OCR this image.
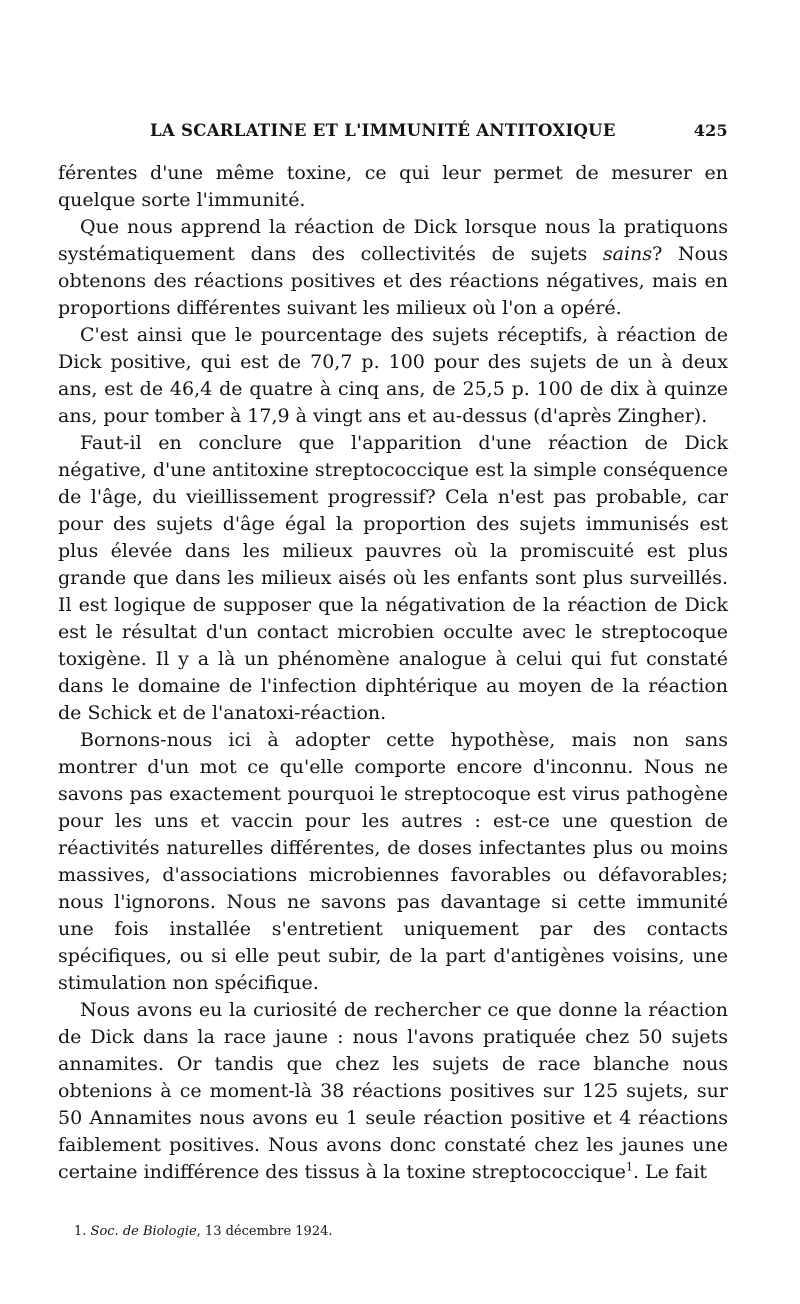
LA SCARLATINE ET L'IMMUNITÉ ANTITOXIQUE	425

férentes d'une même toxine, ce qui leur permet de mesurer en quelque sorte l'immunité.

Que nous apprend la réaction de Dick lorsque nous la pratiquons systématiquement dans des collectivités de sujets sains? Nous obtenons des réactions positives et des réactions négatives, mais en proportions différentes suivant les milieux où l'on a opéré.

C'est ainsi que le pourcentage des sujets réceptifs, à réaction de Dick positive, qui est de 70,7 p. 100 pour des sujets de un à deux ans, est de 46,4 de quatre à cinq ans, de 25,5 p. 100 de dix à quinze ans, pour tomber à 17,9 à vingt ans et au-dessus (d'après Zingher).

Faut-il en conclure que l'apparition d'une réaction de Dick négative, d'une antitoxine streptococcique est la simple conséquence de l'âge, du vieillissement progressif? Cela n'est pas probable, car pour des sujets d'âge égal la proportion des sujets immunisés est plus élevée dans les milieux pauvres où la promiscuité est plus grande que dans les milieux aisés où les enfants sont plus surveillés. Il est logique de supposer que la négativation de la réaction de Dick est le résultat d'un contact microbien occulte avec le streptocoque toxigène. Il y a là un phénomène analogue à celui qui fut constaté dans le domaine de l'infection diphtérique au moyen de la réaction de Schick et de l'anatoxi-réaction.

Bornons-nous ici à adopter cette hypothèse, mais non sans montrer d'un mot ce qu'elle comporte encore d'inconnu. Nous ne savons pas exactement pourquoi le streptocoque est virus pathogène pour les uns et vaccin pour les autres : est-ce une question de réactivités naturelles différentes, de doses infectantes plus ou moins massives, d'associations microbiennes favorables ou défavorables; nous l'ignorons. Nous ne savons pas davantage si cette immunité une fois installée s'entretient uniquement par des contacts spécifiques, ou si elle peut subir, de la part d'antigènes voisins, une stimulation non spécifique.

Nous avons eu la curiosité de rechercher ce que donne la réaction de Dick dans la race jaune : nous l'avons pratiquée chez 50 sujets annamites. Or tandis que chez les sujets de race blanche nous obtenions à ce moment-là 38 réactions positives sur 125 sujets, sur 50 Annamites nous avons eu 1 seule réaction positive et 4 réactions faiblement positives. Nous avons donc constaté chez les jaunes une certaine indifférence des tissus à la toxine streptococcique$^1$. Le fait

1. Soc. de Biologie, 13 décembre 1924.
